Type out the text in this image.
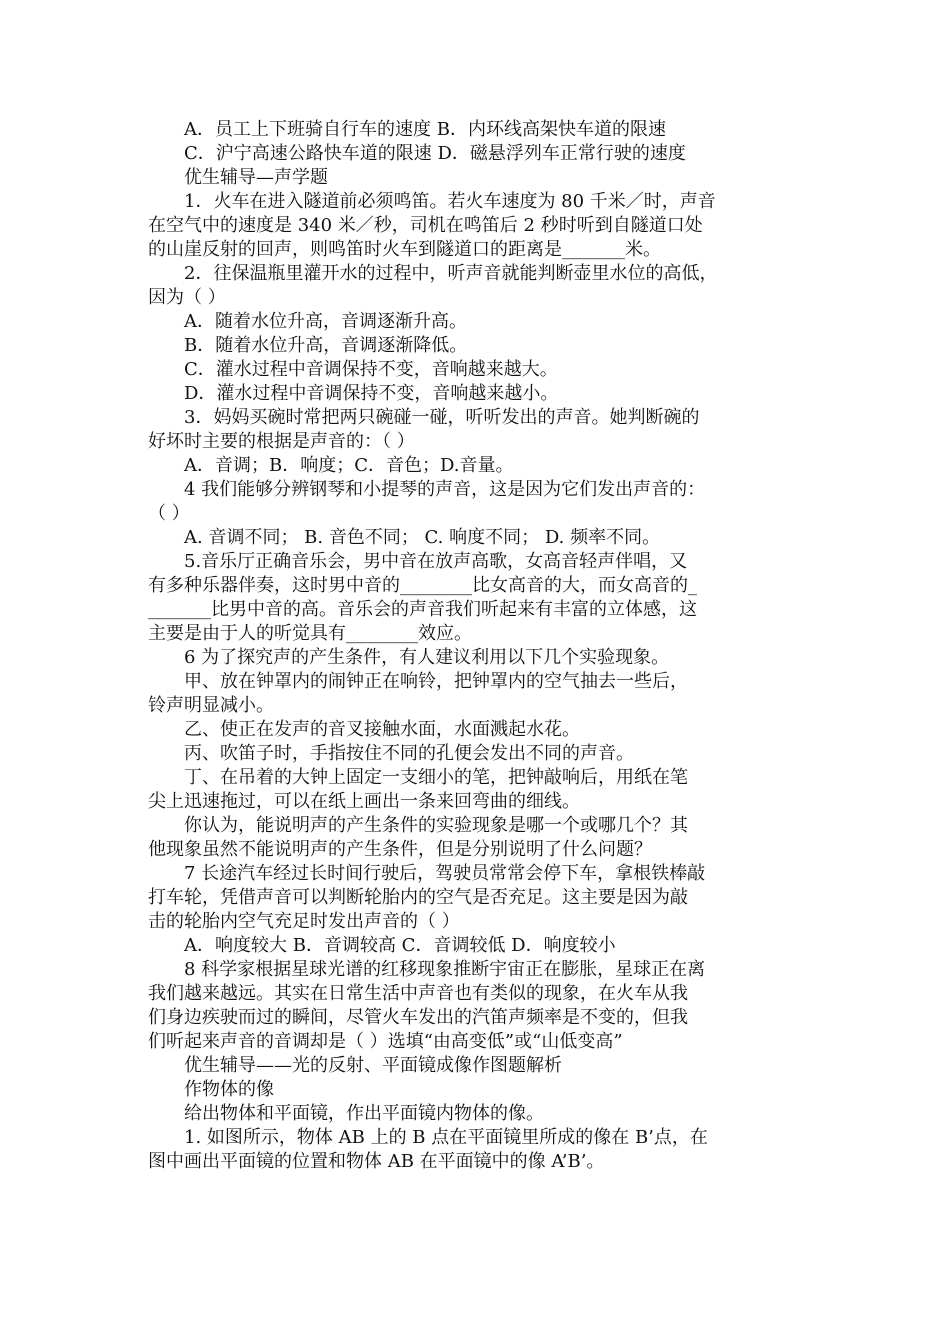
A．员工上下班骑自行车的速度 B．内环线高架快车道的限速
C．沪宁高速公路快车道的限速 D．磁悬浮列车正常行驶的速度
优生辅导—声学题
1．火车在进入隧道前必须鸣笛。若火车速度为 80 千米／时，声音
在空气中的速度是 340 米／秒，司机在鸣笛后 2 秒时听到自隧道口处
的山崖反射的回声，则鸣笛时火车到隧道口的距离是_______米。
2．往保温瓶里灌开水的过程中，听声音就能判断壶里水位的高低，
因为（ ）
A．随着水位升高，音调逐渐升高。
B．随着水位升高，音调逐渐降低。
C．灌水过程中音调保持不变，音响越来越大。
D．灌水过程中音调保持不变，音响越来越小。
3．妈妈买碗时常把两只碗碰一碰，听听发出的声音。她判断碗的
好坏时主要的根据是声音的：（ ）
A．音调；B．响度；C．音色；D.音量。
4 我们能够分辨钢琴和小提琴的声音，这是因为它们发出声音的：
（ ）
A. 音调不同； B. 音色不同； C. 响度不同； D. 频率不同。
5.音乐厅正确音乐会，男中音在放声高歌，女高音轻声伴唱，又
有多种乐器伴奏，这时男中音的________比女高音的大，而女高音的_
_______比男中音的高。音乐会的声音我们听起来有丰富的立体感，这
主要是由于人的听觉具有________效应。
6 为了探究声的产生条件，有人建议利用以下几个实验现象。
甲、放在钟罩内的闹钟正在响铃，把钟罩内的空气抽去一些后，
铃声明显减小。
乙、使正在发声的音叉接触水面，水面溅起水花。
丙、吹笛子时，手指按住不同的孔便会发出不同的声音。
丁、在吊着的大钟上固定一支细小的笔，把钟敲响后，用纸在笔
尖上迅速拖过，可以在纸上画出一条来回弯曲的细线。
你认为，能说明声的产生条件的实验现象是哪一个或哪几个？其
他现象虽然不能说明声的产生条件，但是分别说明了什么问题？
7 长途汽车经过长时间行驶后，驾驶员常常会停下车，拿根铁棒敲
打车轮，凭借声音可以判断轮胎内的空气是否充足。这主要是因为敲
击的轮胎内空气充足时发出声音的（ ）
A．响度较大 B．音调较高 C．音调较低 D．响度较小
8 科学家根据星球光谱的红移现象推断宇宙正在膨胀，星球正在离
我们越来越远。其实在日常生活中声音也有类似的现象，在火车从我
们身边疾驶而过的瞬间，尽管火车发出的汽笛声频率是不变的，但我
们听起来声音的音调却是（ ）选填“由高变低”或“山低变高”
优生辅导——光的反射、平面镜成像作图题解析
作物体的像
给出物体和平面镜，作出平面镜内物体的像。
1. 如图所示，物体 AB 上的 B 点在平面镜里所成的像在 B’点，在
图中画出平面镜的位置和物体 AB 在平面镜中的像 A’B’。
